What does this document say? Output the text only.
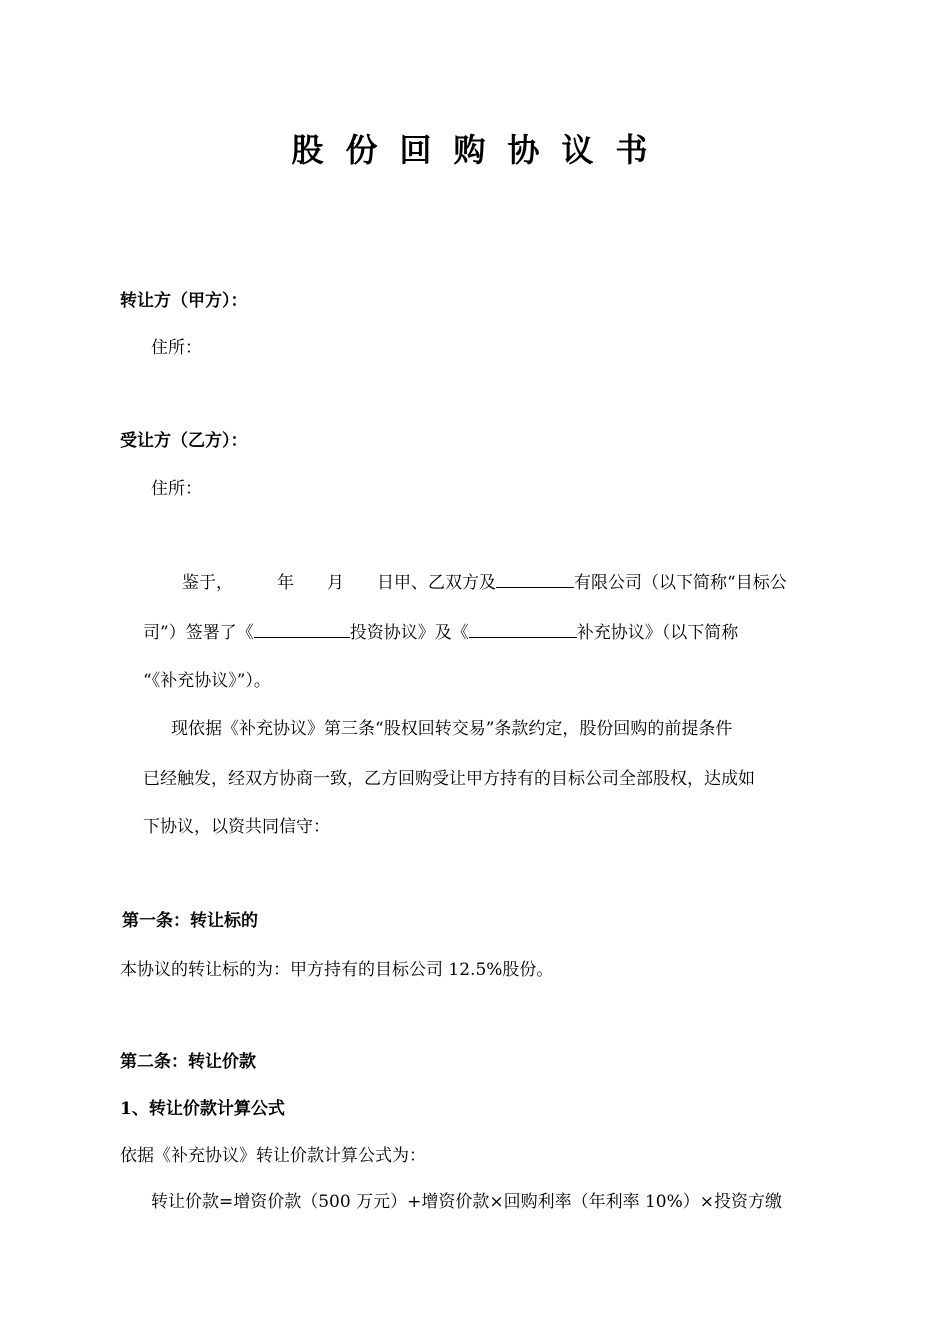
股份回购协议书
转让方（甲方）：
住所：
受让方（乙方）：
住所：
鉴于，	年 月 日甲、乙双方及	有限公司（以下简称“目标公
司”）签署了《	投资协议》及《	补充协议》（以下简称
“《补充协议》”）。
现依据《补充协议》第三条“股权回转交易”条款约定，股份回购的前提条件
已经触发，经双方协商一致，乙方回购受让甲方持有的目标公司全部股权，达成如
下协议，以资共同信守：
第一条：转让标的
本协议的转让标的为：甲方持有的目标公司 12.5%股份。
第二条：转让价款
1、转让价款计算公式
依据《补充协议》转让价款计算公式为：
转让价款=增资价款（500 万元）+增资价款×回购利率（年利率 10%）×投资方缴
